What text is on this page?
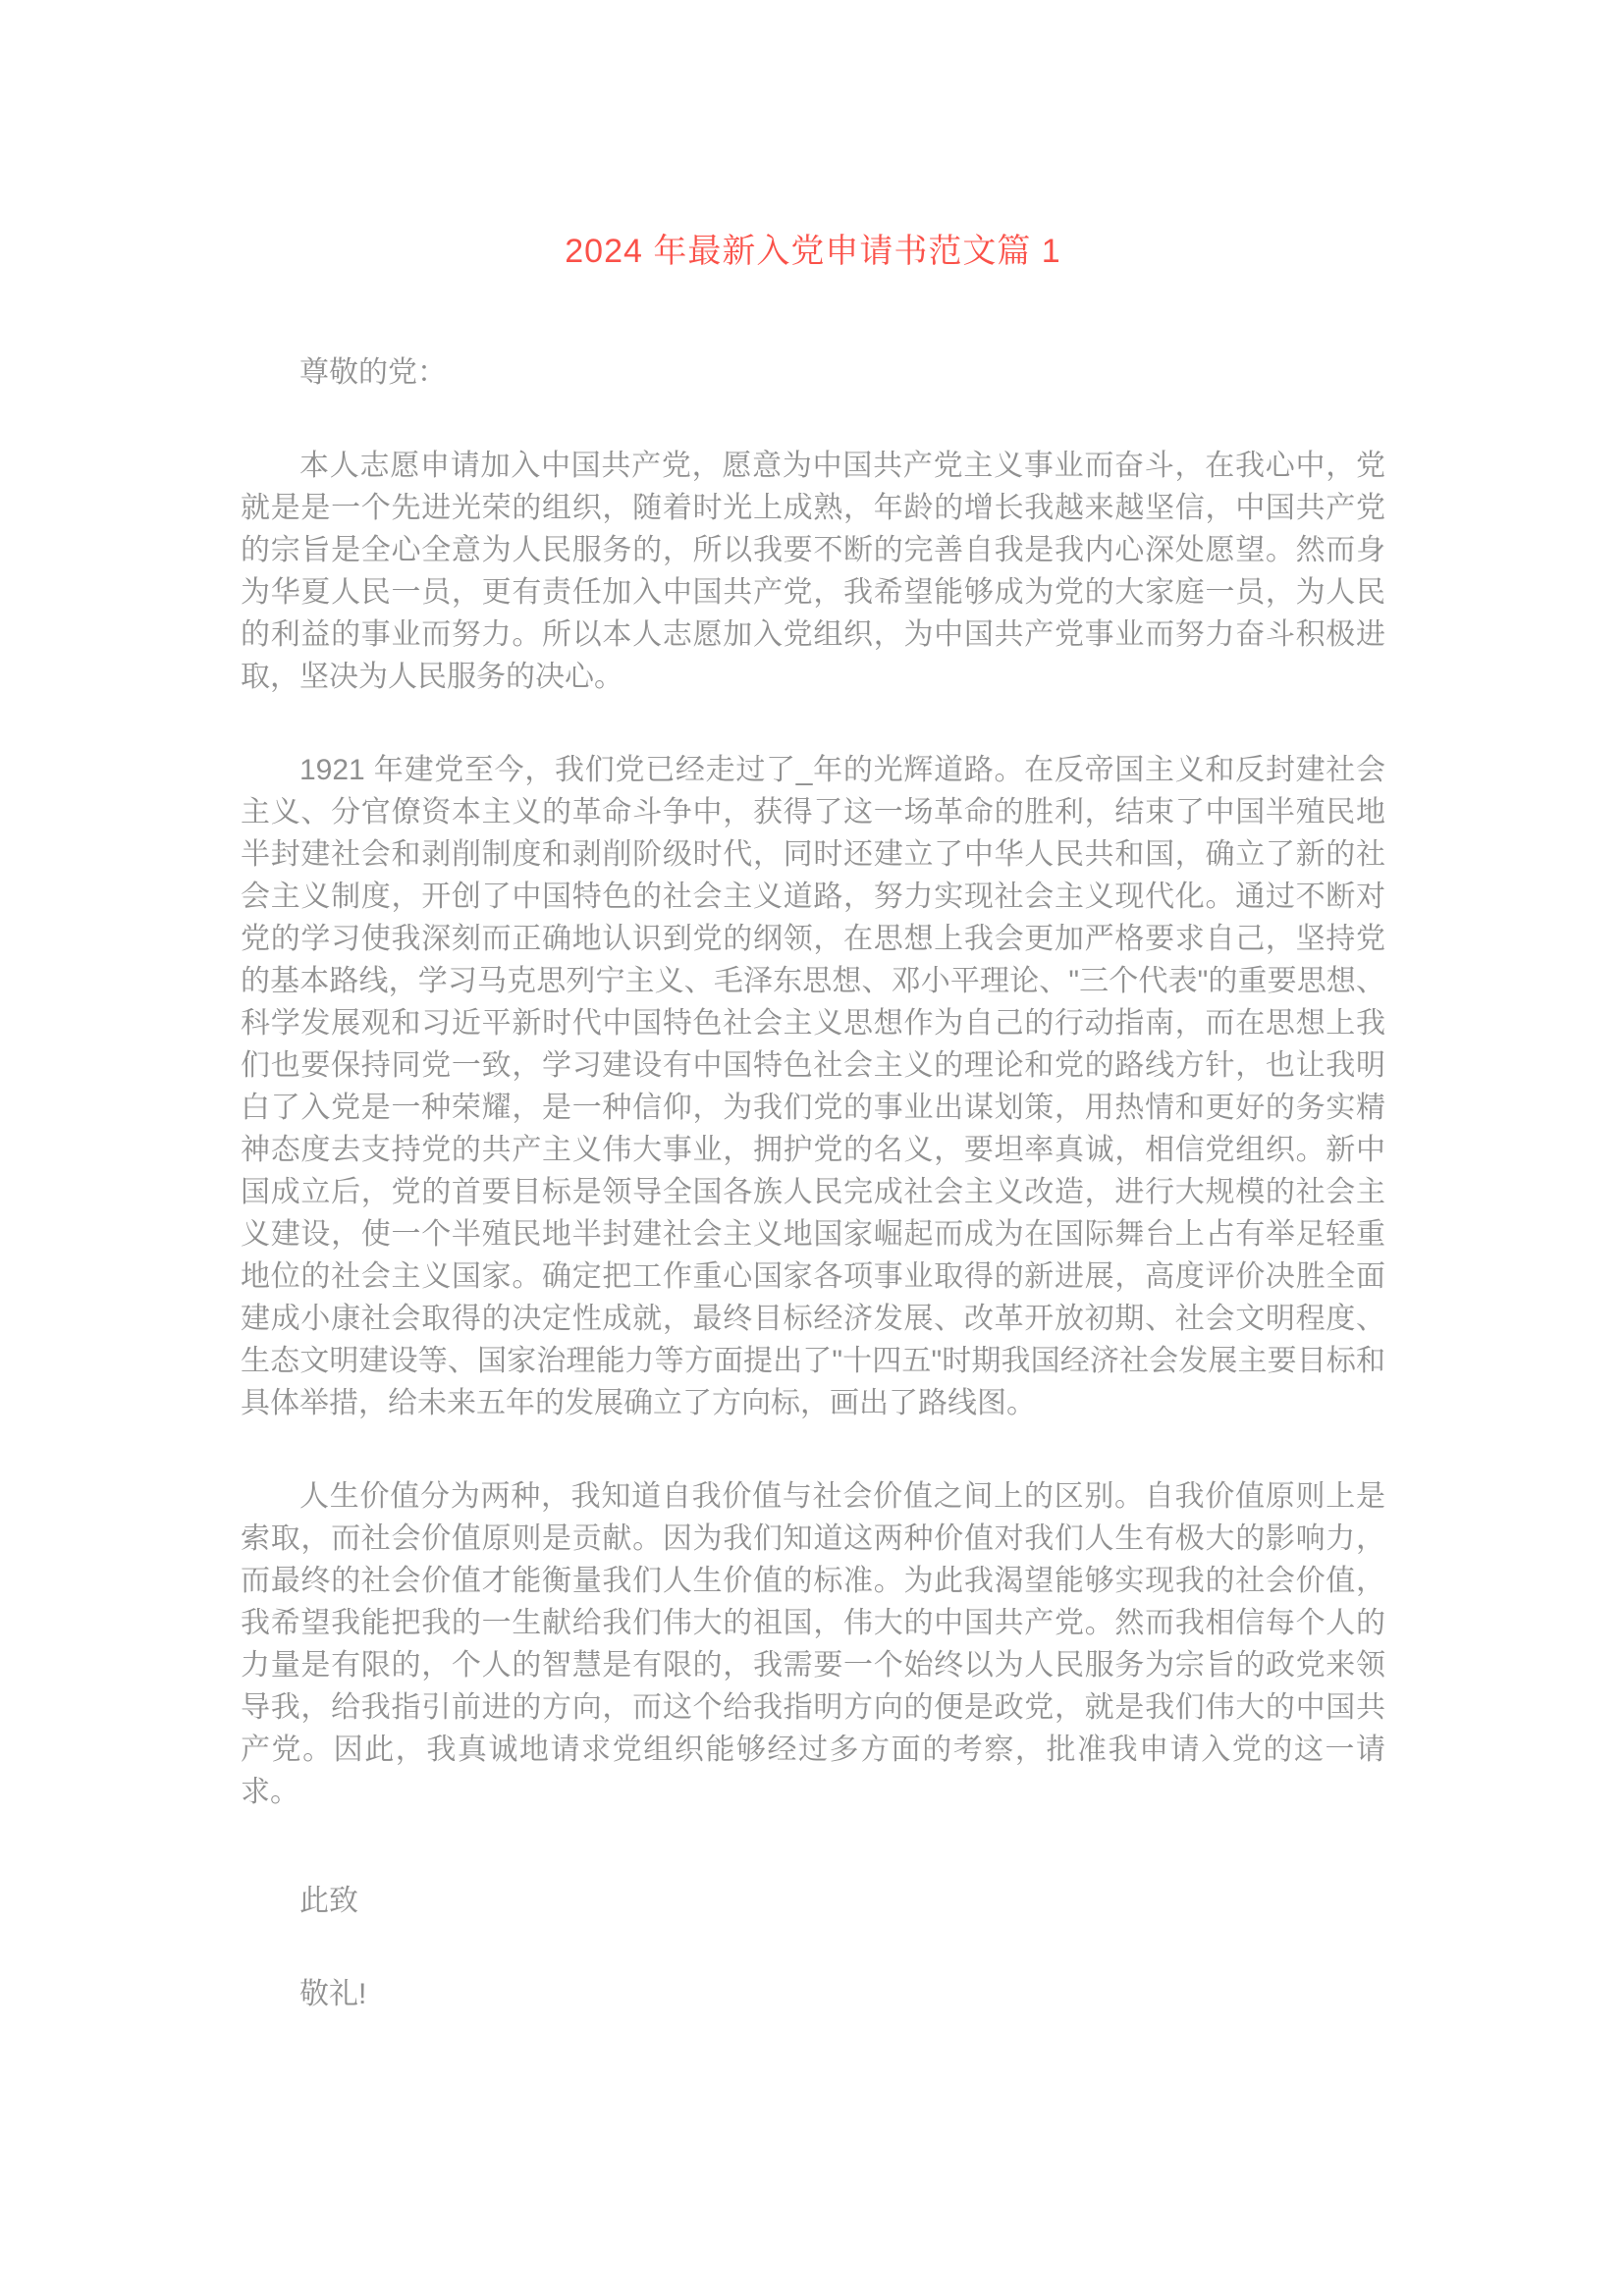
2024 年最新入党申请书范文篇 1

尊敬的党：

本人志愿申请加入中国共产党，愿意为中国共产党主义事业而奋斗，在我心中，党就是是一个先进光荣的组织，随着时光上成熟，年龄的增长我越来越坚信，中国共产党的宗旨是全心全意为人民服务的，所以我要不断的完善自我是我内心深处愿望。然而身为华夏人民一员，更有责任加入中国共产党，我希望能够成为党的大家庭一员，为人民的利益的事业而努力。所以本人志愿加入党组织，为中国共产党事业而努力奋斗积极进取，坚决为人民服务的决心。

1921 年建党至今，我们党已经走过了_年的光辉道路。在反帝国主义和反封建社会主义、分官僚资本主义的革命斗争中，获得了这一场革命的胜利，结束了中国半殖民地半封建社会和剥削制度和剥削阶级时代，同时还建立了中华人民共和国，确立了新的社会主义制度，开创了中国特色的社会主义道路，努力实现社会主义现代化。通过不断对党的学习使我深刻而正确地认识到党的纲领，在思想上我会更加严格要求自己，坚持党的基本路线，学习马克思列宁主义、毛泽东思想、邓小平理论、"三个代表"的重要思想、科学发展观和习近平新时代中国特色社会主义思想作为自己的行动指南，而在思想上我们也要保持同党一致，学习建设有中国特色社会主义的理论和党的路线方针，也让我明白了入党是一种荣耀，是一种信仰，为我们党的事业出谋划策，用热情和更好的务实精神态度去支持党的共产主义伟大事业，拥护党的名义，要坦率真诚，相信党组织。新中国成立后，党的首要目标是领导全国各族人民完成社会主义改造，进行大规模的社会主义建设，使一个半殖民地半封建社会主义地国家崛起而成为在国际舞台上占有举足轻重地位的社会主义国家。确定把工作重心国家各项事业取得的新进展，高度评价决胜全面建成小康社会取得的决定性成就，最终目标经济发展、改革开放初期、社会文明程度、生态文明建设等、国家治理能力等方面提出了"十四五"时期我国经济社会发展主要目标和具体举措，给未来五年的发展确立了方向标，画出了路线图。

人生价值分为两种，我知道自我价值与社会价值之间上的区别。自我价值原则上是索取，而社会价值原则是贡献。因为我们知道这两种价值对我们人生有极大的影响力，而最终的社会价值才能衡量我们人生价值的标准。为此我渴望能够实现我的社会价值，我希望我能把我的一生献给我们伟大的祖国，伟大的中国共产党。然而我相信每个人的力量是有限的，个人的智慧是有限的，我需要一个始终以为人民服务为宗旨的政党来领导我，给我指引前进的方向，而这个给我指明方向的便是政党，就是我们伟大的中国共产党。因此，我真诚地请求党组织能够经过多方面的考察，批准我申请入党的这一请求。

此致

敬礼!
